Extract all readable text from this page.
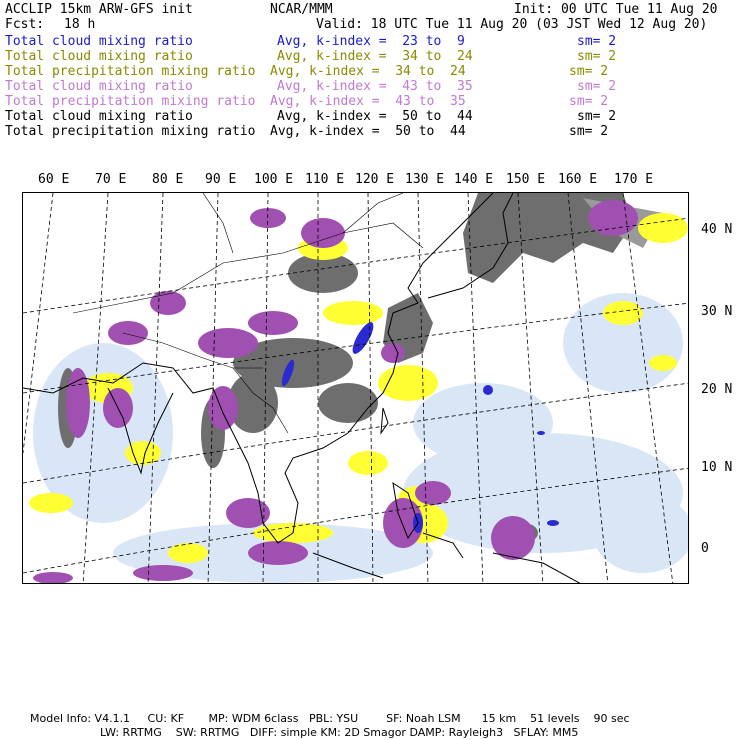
ACCLIP 15km ARW-GFS init	NCAR/MMM	Init: 00 UTC Tue 11 Aug 20
Fcst: 18 h	Valid: 18 UTC Tue 11 Aug 20 (03 JST Wed 12 Aug 20)
Total cloud mixing ratio	Avg, k-index =  23 to  9	sm= 2
Total cloud mixing ratio	Avg, k-index =  34 to  24	sm= 2
Total precipitation mixing ratio Avg, k-index =  34 to  24	sm= 2
Total cloud mixing ratio	Avg, k-index =  43 to  35	sm= 2
Total precipitation mixing ratio Avg, k-index =  43 to  35	sm= 2
Total cloud mixing ratio	Avg, k-index =  50 to  44	sm= 2
Total precipitation mixing ratio Avg, k-index =  50 to  44	sm= 2
60 E 70 E 80 E 90 E 100 E 110 E 120 E 130 E 140 E 150 E 160 E 170 E
40 N
30 N
20 N
10 N
0
Model Info: V4.1.1     CU: KF       MP: WDM 6class   PBL: YSU        SF: Noah LSM      15 km    51 levels    90 sec
LW: RRTMG    SW: RRTMG   DIFF: simple KM: 2D Smagor DAMP: Rayleigh3   SFLAY: MM5
